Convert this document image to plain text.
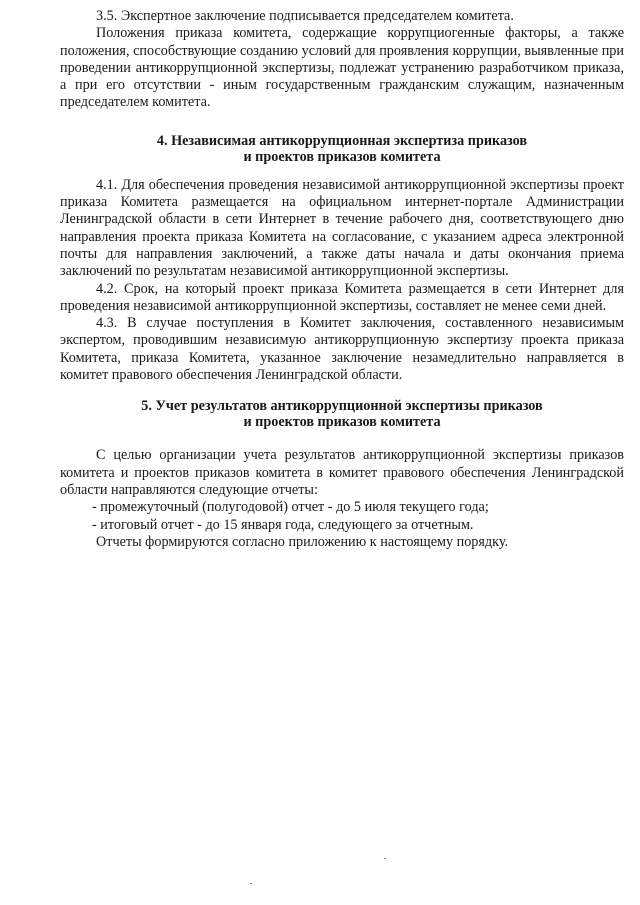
3.5. Экспертное заключение подписывается председателем комитета.

Положения приказа комитета, содержащие коррупциогенные факторы, а также положения, способствующие созданию условий для проявления коррупции, выявленные при проведении антикоррупционной экспертизы, подлежат устранению разработчиком приказа, а при его отсутствии - иным государственным гражданским служащим, назначенным председателем комитета.

4. Независимая антикоррупционная экспертиза приказов

и проектов приказов комитета

4.1. Для обеспечения проведения независимой антикоррупционной экспертизы проект приказа Комитета размещается на официальном интернет-портале Администрации Ленинградской области в сети Интернет в течение рабочего дня, соответствующего дню направления проекта приказа Комитета на согласование, с указанием адреса электронной почты для направления заключений, а также даты начала и даты окончания приема заключений по результатам независимой антикоррупционной экспертизы.

4.2. Срок, на который проект приказа Комитета размещается в сети Интернет для проведения независимой антикоррупционной экспертизы, составляет не менее семи дней.

4.3. В случае поступления в Комитет заключения, составленного независимым экспертом, проводившим независимую антикоррупционную экспертизу проекта приказа Комитета, приказа Комитета, указанное заключение незамедлительно направляется в комитет правового обеспечения Ленинградской области.

5. Учет результатов антикоррупционной экспертизы приказов

и проектов приказов комитета

С целью организации учета результатов антикоррупционной экспертизы приказов комитета и проектов приказов комитета в комитет правового обеспечения Ленинградской области направляются следующие отчеты:

- промежуточный (полугодовой) отчет - до 5 июля текущего года;

- итоговый отчет - до 15 января года, следующего за отчетным.

Отчеты формируются согласно приложению к настоящему порядку.
